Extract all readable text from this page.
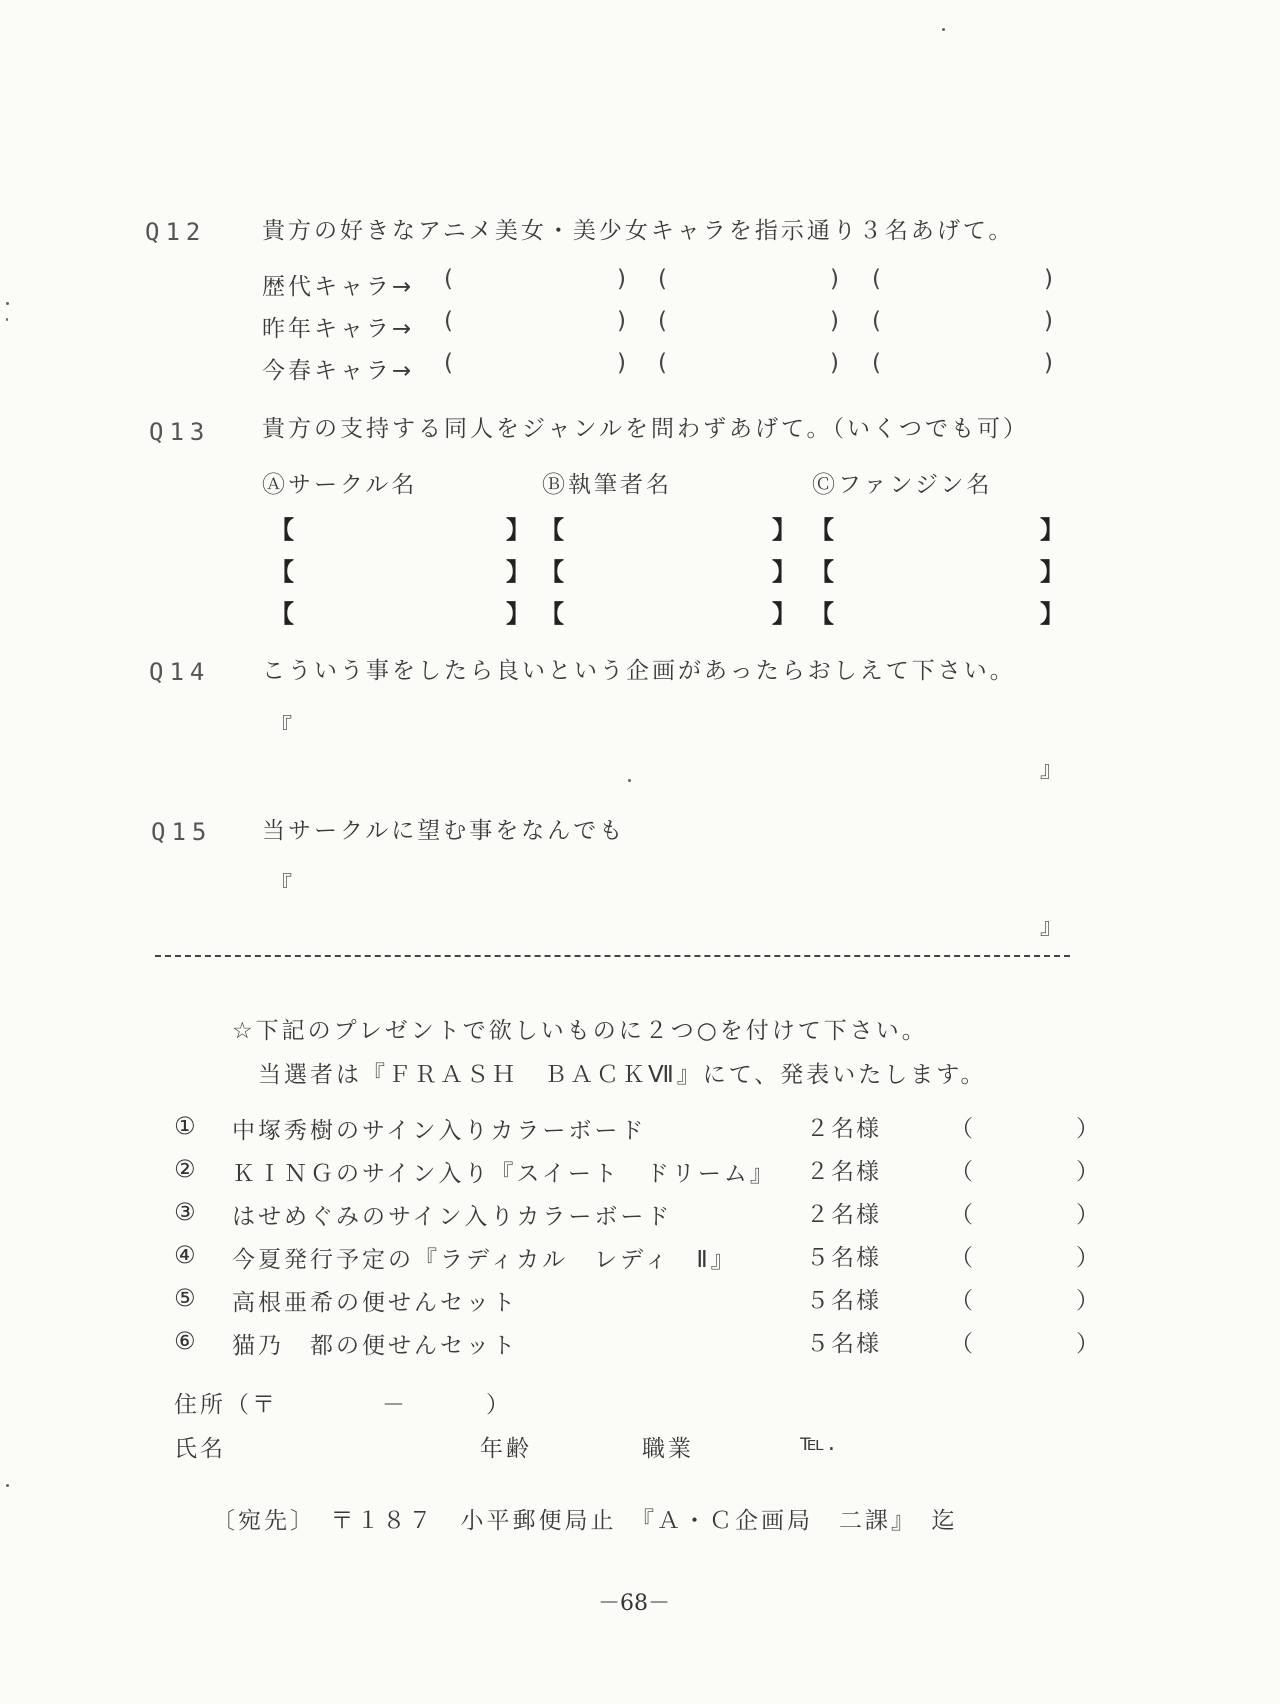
Q12 貴方の好きなアニメ美女・美少女キャラを指示通り３名あげて。
歴代キャラ→ (	) (	) (	)
昨年キャラ→ (	) (	) (	)
今春キャラ→ (	) (	) (	)
Q13 貴方の支持する同人をジャンルを問わずあげて。（いくつでも可）
Ⓐサークル名	Ⓑ執筆者名	Ⓒファンジン名
【	】 【	】 【	】
【	】 【	】 【	】
【	】 【	】 【	】
Q14 こういう事をしたら良いという企画があったらおしえて下さい。
『
』
Q15 当サークルに望む事をなんでも
『
』
☆下記のプレゼントで欲しいものに２つ○を付けて下さい。
当選者は『ＦＲＡＳＨ　ＢＡＣＫⅦ』にて、発表いたします。
① 中塚秀樹のサイン入りカラーボード	２名様	（　）
② ＫＩＮＧのサイン入り『スイート　ドリーム』 ２名様	（　）
③ はせめぐみのサイン入りカラーボード	２名様	（　）
④ 今夏発行予定の『ラディカル　レディ　Ⅱ』	５名様	（　）
⑤ 高根亜希の便せんセット	５名様	（　）
⑥ 猫乃　都の便せんセット	５名様	（　）
住所（〒　　　　－　　　）
氏名	年齢	職業	℡.
〔宛先〕　〒１８７　小平郵便局止　『Ａ・Ｃ企画局　二課』　迄
－68－
